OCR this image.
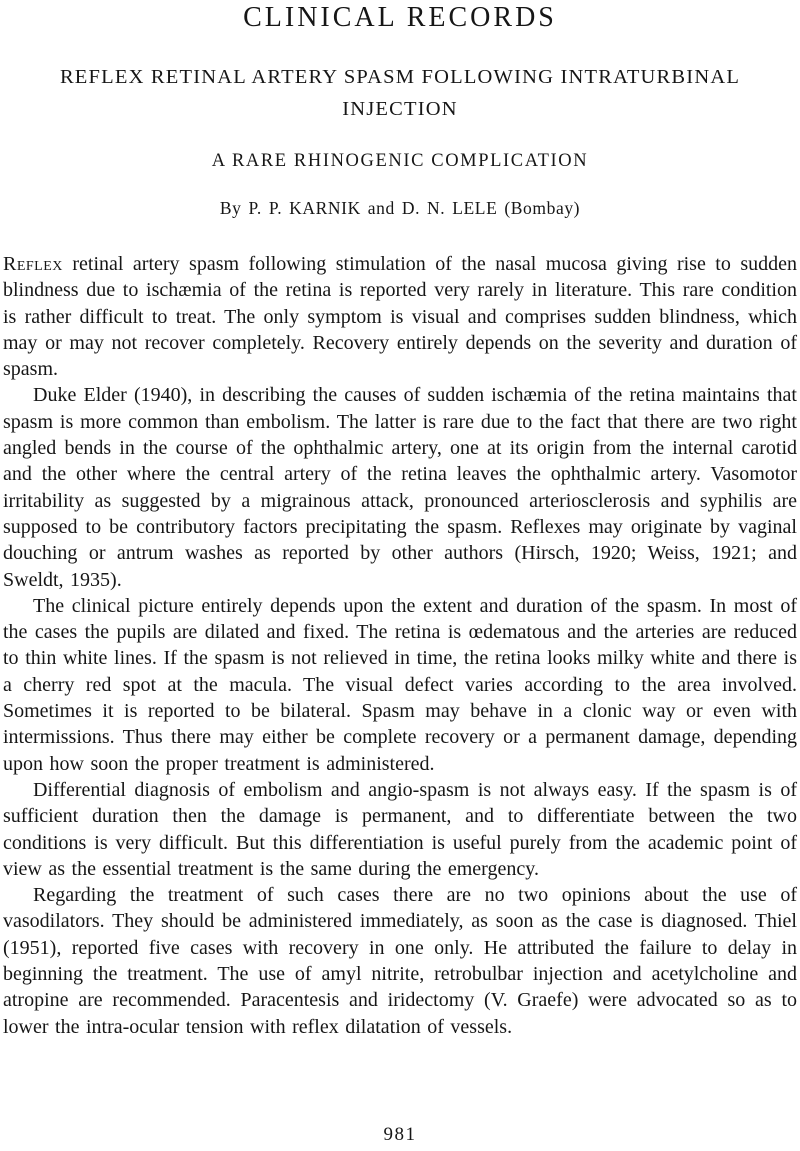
CLINICAL RECORDS
REFLEX RETINAL ARTERY SPASM FOLLOWING INTRATURBINAL
INJECTION
A RARE RHINOGENIC COMPLICATION

By P. P. KARNIK and D. N. LELE (Bombay)

Reflex retinal artery spasm following stimulation of the nasal mucosa giving rise to sudden blindness due to ischæmia of the retina is reported very rarely in literature. This rare condition is rather difficult to treat. The only symptom is visual and comprises sudden blindness, which may or may not recover completely. Recovery entirely depends on the severity and duration of spasm.

Duke Elder (1940), in describing the causes of sudden ischæmia of the retina maintains that spasm is more common than embolism. The latter is rare due to the fact that there are two right angled bends in the course of the ophthalmic artery, one at its origin from the internal carotid and the other where the central artery of the retina leaves the ophthalmic artery. Vasomotor irritability as suggested by a migrainous attack, pronounced arteriosclerosis and syphilis are supposed to be contributory factors precipitating the spasm. Reflexes may originate by vaginal douching or antrum washes as reported by other authors (Hirsch, 1920; Weiss, 1921; and Sweldt, 1935).

The clinical picture entirely depends upon the extent and duration of the spasm. In most of the cases the pupils are dilated and fixed. The retina is œdematous and the arteries are reduced to thin white lines. If the spasm is not relieved in time, the retina looks milky white and there is a cherry red spot at the macula. The visual defect varies according to the area involved. Sometimes it is reported to be bilateral. Spasm may behave in a clonic way or even with intermissions. Thus there may either be complete recovery or a permanent damage, depending upon how soon the proper treatment is administered.

Differential diagnosis of embolism and angio-spasm is not always easy. If the spasm is of sufficient duration then the damage is permanent, and to differentiate between the two conditions is very difficult. But this differentiation is useful purely from the academic point of view as the essential treatment is the same during the emergency.

Regarding the treatment of such cases there are no two opinions about the use of vasodilators. They should be administered immediately, as soon as the case is diagnosed. Thiel (1951), reported five cases with recovery in one only. He attributed the failure to delay in beginning the treatment. The use of amyl nitrite, retrobulbar injection and acetylcholine and atropine are recommended. Paracentesis and iridectomy (V. Graefe) were advocated so as to lower the intra-ocular tension with reflex dilatation of vessels.

981
